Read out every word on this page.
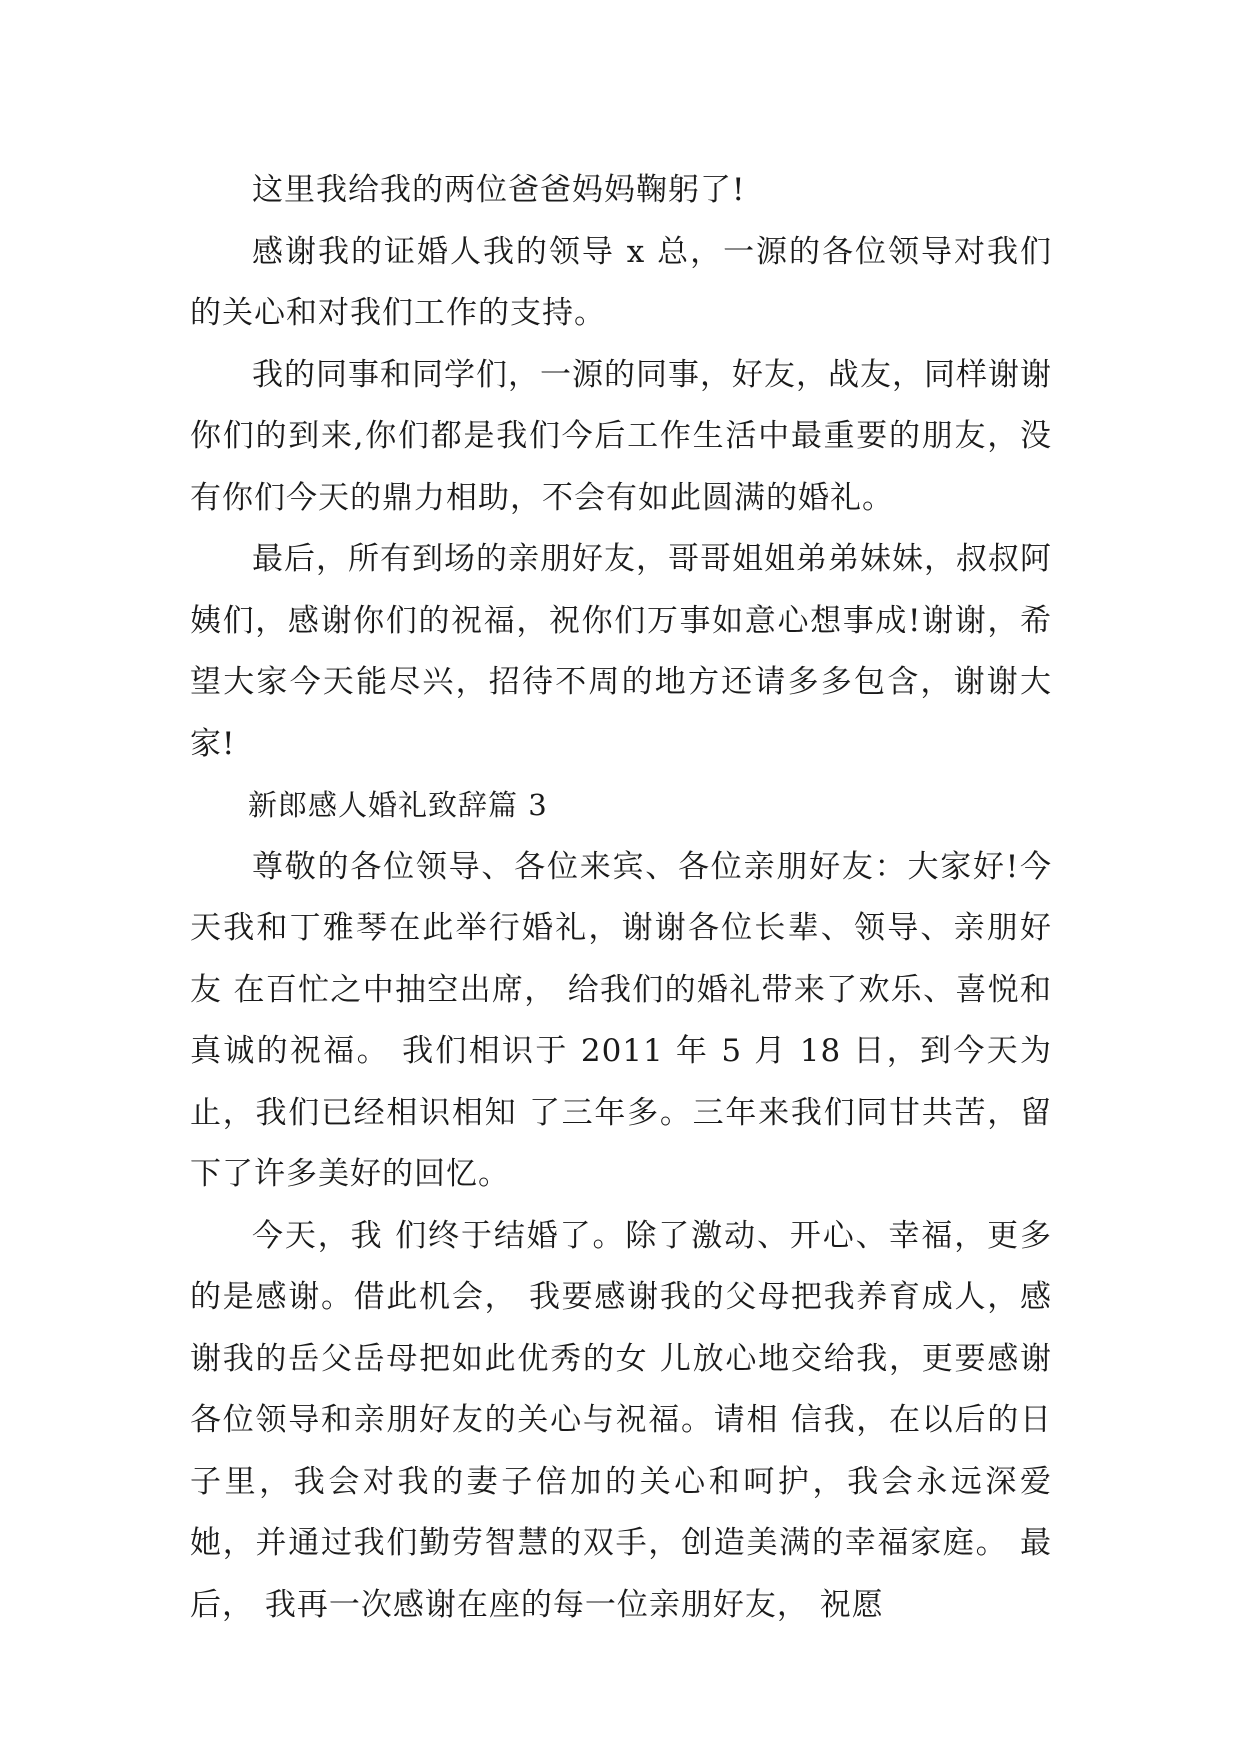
这里我给我的两位爸爸妈妈鞠躬了!

感谢我的证婚人我的领导 x 总，一源的各位领导对我们的关心和对我们工作的支持。

我的同事和同学们，一源的同事，好友，战友，同样谢谢你们的到来,你们都是我们今后工作生活中最重要的朋友，没有你们今天的鼎力相助，不会有如此圆满的婚礼。

最后，所有到场的亲朋好友，哥哥姐姐弟弟妹妹，叔叔阿姨们，感谢你们的祝福，祝你们万事如意心想事成!谢谢，希望大家今天能尽兴，招待不周的地方还请多多包含，谢谢大家!

新郎感人婚礼致辞篇 3

尊敬的各位领导、各位来宾、各位亲朋好友：大家好!今天我和丁雅琴在此举行婚礼，谢谢各位长辈、领导、亲朋好友 在百忙之中抽空出席， 给我们的婚礼带来了欢乐、喜悦和真诚的祝福。 我们相识于 2011 年 5 月 18 日，到今天为止，我们已经相识相知 了三年多。三年来我们同甘共苦，留下了许多美好的回忆。

今天，我 们终于结婚了。除了激动、开心、幸福，更多的是感谢。借此机会， 我要感谢我的父母把我养育成人，感谢我的岳父岳母把如此优秀的女 儿放心地交给我，更要感谢各位领导和亲朋好友的关心与祝福。请相 信我，在以后的日子里，我会对我的妻子倍加的关心和呵护，我会永远深爱她，并通过我们勤劳智慧的双手，创造美满的幸福家庭。 最后， 我再一次感谢在座的每一位亲朋好友， 祝愿
